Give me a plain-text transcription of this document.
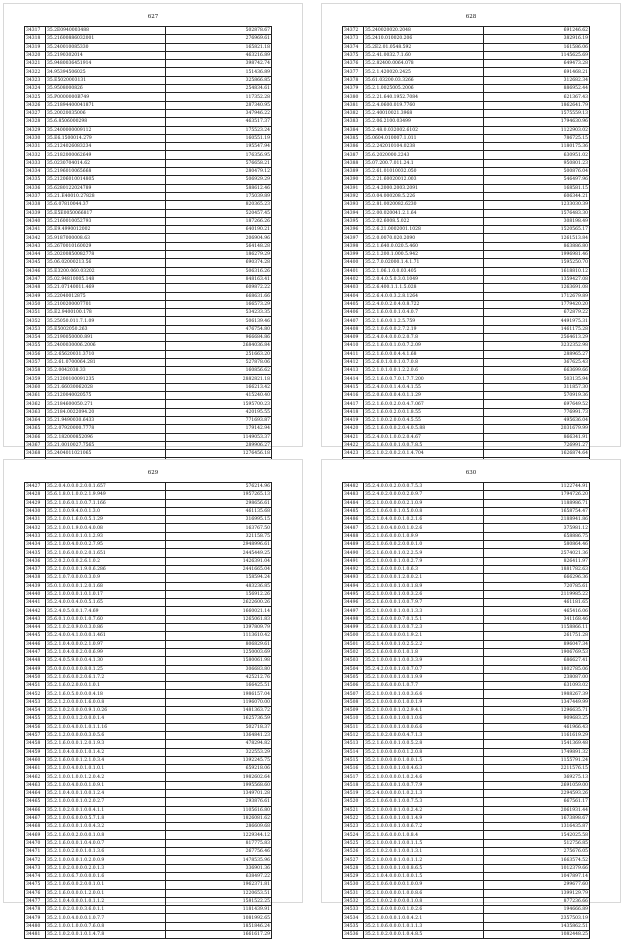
627
34317	35.2E0940003488	502878.67
34318	35.21600886032001	276969.61
34319	35.240010085330	165821.18
34320	35.2190302014	463216.89
34321	35.9480036451914	398742.74
34322	34.95394506025	151436.89
34323	35.E5020003131	325866.85
34324	35.9508000826	254834.61
34325	35.P0000000B749	117352.28
34326	35.21894400041871	287340.95
34327	35.20020035006	347946.22
34328	35.6.8506000298	463517.37
34329	35.2400000009112	175523.24
34330	35.E6.1500014.279	160551.19
34331	35.2124026083234	195547.94
34332	35.2182000062649	176356.95
34333	35.0230704014.62	576658.21
34334	35.2196010065668	280479.12
34335	35.21206010014805	506929.29
34336	35.6280122024789	588612.46
34337	35.21.E40010.27828	175039.89
34338	35.6.07810044.37	820365.23
34339	35.E5E0050066817	520457.45
34340	35.2160010052793	187266.26
34341	35.E9.4990012002	640190.21
34342	35.9187000008.63	206904.96
34343	35.2670010160029	564148.28
34344	35.20200850082778	186279.29
34345	35.06.02000213.56	690374.28
34346	35.E3200.060.03202	506316.26
34347	35.02.94810005.148	848163.41
34348	35.21.07140011.469	609872.22
34349	35.22040012875	668631.66
34350	35.2100200007701	166573.29
34351	35.E2.9400100.178	534233.35
34352	35.25050.011.7.1.09	506139.46
34353	35.E5002050.263	476754.80
34354	35.2190050000.891	966684.86
34355	35.2400030006.2006	2684036.84
34356	35.2.65620031.3710	251663.20
34357	35.2.61.0700064.281	527878.06
34358	35.2.0042038.33	160856.62
34359	35.21200100091235	2882821.18
34360	35.21.66030062028	166213.42
34361	35.2120040020575	415240.40
34362	35.2184600050.271	1595700.23
34363	35.2184.0022094.20	420195.55
34364	35.21.9490030.6433	771693.87
34365	35.2.07920000.7778	179142.94
34366	35.2.182000852096	1149053.37
34367	35.21.0010027.7565	289906.27
34368	35.2404011021065	1276456.18

628
34372	35.240020020.2048	691246.62
34373	35.2410.010020.206	382916.19
34374	35.2E2.01.0548.592	161586.06
34375	35.2.41.0032.7.1.60	1145625.69
34376	35.2.82400.0064.078	649473.28
34377	35.2.1.420020.2425	691468.21
34378	35.61.03200.03.3266	312682.34
34379	35.2.1.0025005.2006	886952.44
34380	35.2.21.640.1952.7084	621367.43
34381	35.2.4.0600.019.7760	1862641.79
34382	35.2.40010021.3968	1575559.13
34383	35.2.06.2100.03499	1794630.96
34384	35.2.48.0.032002.6102	1122903.02
34385	35.0604.010007.1.011	786725.15
34386	35.2.242010104.0238	1180175.36
34387	35.6.2020000.2243	630951.02
34388	35.07.200.7.011.24.1	950801.23
34389	35.2.61.01010032.050	500876.04
34390	35.2.21.60020012.003	546497.96
34391	35.2.4.2000.2003.2091	168581.15
34392	35.0.04.000208.5.226	606344.21
34393	35.2.81.0020082.6230	1233030.39
34394	35.2.00.020041.2.1.64	1576483.30
34395	35.2.02.6008.5.022	308198.49
34396	35.2.6.21.0002001.1028	1520565.17
34397	35.2.0.0070.020.2090	1261513.84
34398	35.2.1.640.0.020.5.460	863886.80
34399	35.2.1.200.1.000.5.942	1996981.46
34400	35.2.7.0.02000.1.4.1.71	1595250.70
34401	35.2.1.06.1.0.0.03.405	1618810.12
34402	35.2.0.4.0.5.0.3.0.1049	1359427.08
34403	35.2.6.400.1.1.1.5.028	1263691.08
34404	35.2.6.4.0.0.3.2.8.1264	1712679.89
34405	35.2.4.0.0.2.0.4.0.8.722	1779420.20
34406	35.2.1.6.0.0.0.1.0.4.0.7	672879.22
34407	35.2.1.6.0.0.1.2.5.759	4491975.31
34408	35.2.1.0.6.0.0.2.7.2.19	1461175.28
34409	35.2.4.0.4.0.0.0.2.0.7.8	2564613.29
34410	35.2.1.6.0.0.1.0.0.7.2.09	3232352.98
34411	35.2.1.6.0.0.0.4.4.1.68	288965.27
34412	35.2.6.0.1.0.0.1.0.7.0.8	367625.43
34413	35.2.1.0.1.0.0.1.2.2.0.6	663699.66
34414	35.2.1.6.0.0.7.0.1.7.7.200	503135.94
34415	35.2.4.0.0.0.1.4.0.4.1.55	311857.30
34416	35.2.0.6.0.0.0.4.0.1.1.29	570919.36
34417	35.2.1.6.0.0.2.0.0.4.7.067	697649.52
34418	35.2.1.6.0.0.2.0.0.1.8.55	776991.73
34419	35.2.1.0.0.2.0.0.0.4.5.55	495636.04
34420	35.2.1.6.0.0.0.2.0.4.0.5.88	2031679.99
34421	35.2.4.0.0.1.0.0.2.0.4.67	866341.91
34422	35.2.1.6.0.0.0.1.0.0.7.8.5	726991.27
34423	35.2.1.0.2.0.0.2.0.1.4.704	1626874.64

629
34427	35.2.0.4.0.0.0.2.0.0.1.657	576214.96
34428	35.6.1.8.0.1.0.0.2.1.9.949	1957265.13
34429	35.2.1.0.6.0.1.0.0.7.1.166	298656.61
34430	35.2.1.0.0.9.4.0.0.1.3.0	461135.68
34431	35.2.1.0.0.1.6.0.0.5.1.29	316995.15
34432	35.2.1.0.0.1.9.0.0.4.0.08	163767.50
34433	35.2.1.0.0.0.0.1.0.1.2.93	321158.75
34434	35.2.1.0.0.4.0.0.0.2.7.95	2948996.61
34435	35.2.1.0.6.0.0.0.2.0.1.651	2445449.25
34436	35.2.0.2.0.0.0.2.6.1.0.2	1426391.04
34437	35.2.1.0.0.0.0.1.9.0.6.286	2441665.04
34438	35.2.1.0.7.0.0.0.0.3.0.9	158594.24
34439	35.0.1.0.0.0.0.1.2.0.1.68	483236.85
34440	35.2.1.0.0.0.0.1.0.1.0.17	156912.26
34441	35.2.4.0.0.0.4.0.0.5.1.65	2622600.26
34442	35.2.4.0.5.0.0.1.7.4.69	1660021.14
34443	35.6.0.1.0.0.0.0.1.0.7.60	1265061.83
34444	35.2.1.0.2.0.9.0.0.3.0.86	1397809.79
34445	35.2.4.0.0.4.1.0.0.0.1.461	1113610.42
34446	35.2.1.0.4.0.0.0.2.1.0.97	806829.61
34447	35.2.1.0.4.0.0.2.0.0.6.99	1250003.69
34448	35.2.4.0.5.9.0.0.0.4.1.30	1580061.98
34449	35.0.0.0.0.0.0.0.8.0.1.25	306683.80
34450	35.2.1.0.6.0.0.2.0.6.1.7.2	425212.76
34451	35.2.1.6.0.2.0.0.0.1.0.1	166425.51
34452	35.2.1.6.0.5.0.0.0.0.4.18	1986157.04
34453	35.2.1.2.0.0.0.0.1.6.0.0.8	1196070.00
34454	35.2.1.0.2.0.0.0.0.9.1.0.26	1481363.72
34455	35.2.1.0.0.0.1.2.0.0.0.1.4	1625736.59
34456	35.2.1.0.0.4.0.0.1.0.1.1.16	502718.37
34457	35.2.1.2.0.0.0.0.0.3.0.5.6	1364841.23
34458	35.2.1.6.0.0.0.1.2.0.1.9.3	478294.82
34459	35.2.1.0.4.0.0.0.1.0.1.4.2	322553.29
34460	35.2.1.6.0.0.0.1.2.1.0.3.4	1392245.75
34461	35.2.1.0.0.4.0.0.1.0.1.0.1	659218.06
34462	35.2.1.0.0.1.0.0.1.2.0.4.2	1982602.64
34463	35.2.1.0.0.4.0.0.0.1.0.9.1	1995568.60
34464	35.2.1.0.4.0.0.1.0.0.1.2.4	1349701.28
34465	35.2.1.0.0.0.0.1.0.2.0.2.7	293876.61
34466	35.2.1.0.2.0.0.1.0.0.4.1.1	1105616.80
34467	35.2.1.0.0.6.0.0.0.5.7.1.8	1826081.62
34468	35.2.1.6.0.0.0.1.0.0.4.3.2	286609.68
34469	35.2.1.6.0.0.2.0.0.0.1.0.8	1229344.12
34470	35.2.1.6.0.0.0.1.0.4.0.0.7	817775.83
34471	35.2.1.0.0.2.0.0.1.0.1.3.6	267756.46
34472	35.2.1.0.0.0.0.1.0.2.0.0.9	1478535.96
34473	35.2.1.0.2.0.0.0.0.2.0.1.3	336901.36
34474	35.2.1.0.0.6.7.0.0.0.0.1.6	638497.22
34475	35.2.1.0.6.0.0.2.0.0.1.0.1	1962371.81
34476	35.2.1.6.0.0.0.0.1.2.0.0.1	1220653.51
34477	35.2.1.0.4.0.0.0.1.0.1.1.2	1581522.25
34478	35.2.1.0.2.0.0.0.3.6.0.1.1	1181439.91
34479	35.2.1.0.0.4.0.0.0.1.0.7.7	1081992.65
34480	35.2.1.0.0.1.0.0.0.7.6.0.8	1851846.24
34481	35.2.1.0.2.0.0.1.0.1.4.7.8	1661617.29
630
34482	35.2.4.0.0.0.2.0.0.0.7.5.3	1122744.91
34483	35.2.4.0.2.0.0.0.0.2.0.9.7	1794726.20
34484	35.2.1.0.0.0.0.0.0.2.1.0.9	1188986.71
34485	35.2.1.0.6.0.0.1.0.5.0.0.8	1658754.47
34486	35.2.1.0.4.0.0.0.1.0.2.1.6	2188941.86
34487	35.2.1.0.0.4.0.0.0.1.0.2.6	375981.12
34488	35.2.1.0.6.0.0.0.1.0.9.9	658886.75
34489	35.2.1.0.6.0.0.2.0.0.0.1.0	580864.46
34490	35.2.1.6.0.0.0.1.0.2.2.5.9	2574021.36
34491	35.2.1.0.0.0.0.1.0.0.2.7.9	826411.97
34492	35.2.1.6.0.0.0.0.1.0.6.3	1881782.63
34493	35.2.1.0.0.0.0.1.2.0.0.2.1	666296.36
34494	35.2.1.0.0.0.0.1.0.0.1.8.9	720785.61
34495	35.2.1.0.0.0.0.1.0.0.3.2.6	2119985.22
34496	35.2.1.6.0.0.0.1.0.0.7.9.7	461181.65
34497	35.2.1.0.0.0.0.1.0.0.1.3.3	465416.06
34498	35.2.1.6.0.0.0.0.7.0.1.5.1	341168.46
34499	35.2.1.6.0.0.0.1.0.0.7.2.3	1158866.11
34500	35.2.1.6.0.0.0.0.0.1.9.2.1	261751.28
34501	35.2.1.4.0.0.0.1.0.2.5.2.2	896047.34
34502	35.2.1.6.0.0.0.0.1.0.1.8	1906769.53
34503	35.2.1.0.0.0.0.1.0.0.3.3.9	686627.41
34504	35.2.4.2.0.0.0.1.0.0.7.0.7	1802785.06
34505	35.2.1.0.0.0.0.1.0.0.1.9.9	238087.00
34506	35.2.1.0.6.0.0.0.1.0.7.7	631093.02
34507	35.2.1.0.0.0.0.1.0.0.3.6.6	1988267.39
34508	35.2.1.0.0.0.0.0.1.0.0.1.9	1347449.99
34509	35.2.1.0.0.0.0.1.0.2.9.4.1	1296635.71
34510	35.2.1.6.0.0.0.1.0.0.1.0.6	909683.25
34511	35.2.1.0.0.0.0.1.0.0.0.6.6	461966.43
34512	35.2.1.0.2.0.0.0.0.4.7.1.3	1161619.29
34513	35.2.1.6.0.0.0.1.0.0.5.2.8	1541369.48
34514	35.2.1.0.0.0.0.0.0.1.2.0.8	1749891.32
34515	35.2.1.0.0.0.0.0.1.0.0.1.5	1155791.24
34516	35.2.1.0.0.0.0.1.0.0.4.6.3	2211576.15
34517	35.2.1.0.0.0.0.0.1.0.2.4.6	369275.13
34518	35.2.1.6.0.0.0.1.0.0.7.7.9	2691059.00
34519	35.2.4.0.0.0.0.0.1.0.2.1.3	2294593.26
34520	35.2.1.0.6.0.0.1.0.0.7.5.3	667561.17
34521	35.2.1.0.0.0.0.1.0.0.2.4.2	2061931.44
34522	35.2.1.6.0.0.0.1.0.0.1.4.9	1673898.67
34523	35.2.1.0.0.0.0.1.0.0.6.7.2	1316435.87
34524	35.2.1.0.6.0.0.0.1.0.8.4	1542025.58
34525	35.2.1.0.0.0.0.1.0.0.1.1.5	512756.85
34526	35.2.1.0.2.0.0.1.0.0.1.3.1	275676.05
34527	35.2.1.0.0.0.0.1.0.0.1.1.2	1663574.52
34528	35.2.1.0.0.0.0.1.0.0.8.6.5	1012379.66
34529	35.2.1.0.4.0.0.0.1.0.0.1.5	1047897.14
34530	35.2.1.0.6.0.0.0.0.1.0.0.9	299677.60
34531	35.2.1.0.0.0.0.0.1.0.0.8.6	1399129.79
34532	35.2.1.0.0.2.0.0.0.0.1.0.8	877236.66
34533	35.2.1.6.0.0.0.0.0.1.0.2.6	194666.89
34534	35.2.1.0.0.0.0.1.0.0.4.2.1	2357503.19
34535	35.2.1.0.6.0.0.0.1.0.1.1.3	1435862.51
34536	35.2.1.0.2.0.0.0.1.0.4.8.5	1082448.25
